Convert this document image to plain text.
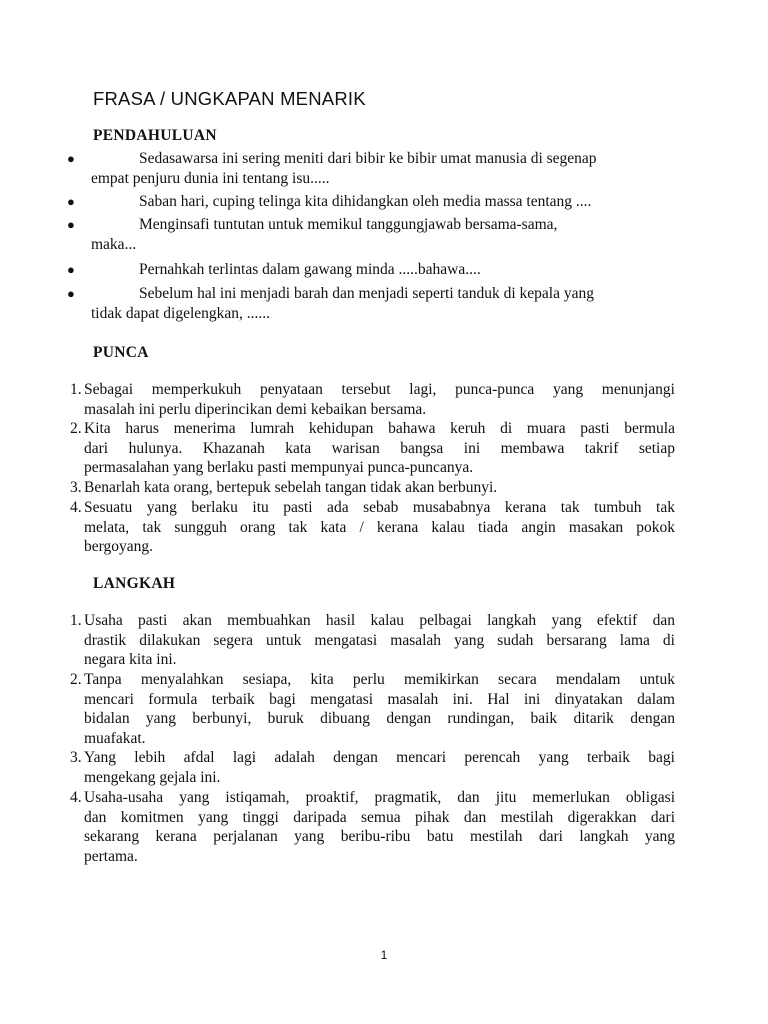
FRASA / UNGKAPAN MENARIK
PENDAHULUAN
●	Sedasawarsa ini sering meniti dari bibir ke bibir umat manusia di segenap
empat penjuru dunia ini tentang isu.....
●	Saban hari, cuping telinga kita dihidangkan oleh media massa tentang ....
●	Menginsafi tuntutan untuk memikul tanggungjawab bersama-sama,
maka...
●	Pernahkah terlintas dalam gawang minda .....bahawa....
●	Sebelum hal ini menjadi barah dan menjadi seperti tanduk di kepala yang
tidak dapat digelengkan, ......
PUNCA
1. Sebagai memperkukuh penyataan tersebut lagi, punca-punca yang menunjangi
masalah ini perlu diperincikan demi kebaikan bersama.
2. Kita harus menerima lumrah kehidupan bahawa keruh di muara pasti bermula
dari hulunya. Khazanah kata warisan bangsa ini membawa takrif setiap
permasalahan yang berlaku pasti mempunyai punca-puncanya.
3. Benarlah kata orang, bertepuk sebelah tangan tidak akan berbunyi.
4. Sesuatu yang berlaku itu pasti ada sebab musababnya kerana tak tumbuh tak
melata, tak sungguh orang tak kata / kerana kalau tiada angin masakan pokok
bergoyang.
LANGKAH
1. Usaha pasti akan membuahkan hasil kalau pelbagai langkah yang efektif dan
drastik dilakukan segera untuk mengatasi masalah yang sudah bersarang lama di
negara kita ini.
2. Tanpa menyalahkan sesiapa, kita perlu memikirkan secara mendalam untuk
mencari formula terbaik bagi mengatasi masalah ini. Hal ini dinyatakan dalam
bidalan yang berbunyi, buruk dibuang dengan rundingan, baik ditarik dengan
muafakat.
3. Yang lebih afdal lagi adalah dengan mencari perencah yang terbaik bagi
mengekang gejala ini.
4. Usaha-usaha yang istiqamah, proaktif, pragmatik, dan jitu memerlukan obligasi
dan komitmen yang tinggi daripada semua pihak dan mestilah digerakkan dari
sekarang kerana perjalanan yang beribu-ribu batu mestilah dari langkah yang
pertama.
1
